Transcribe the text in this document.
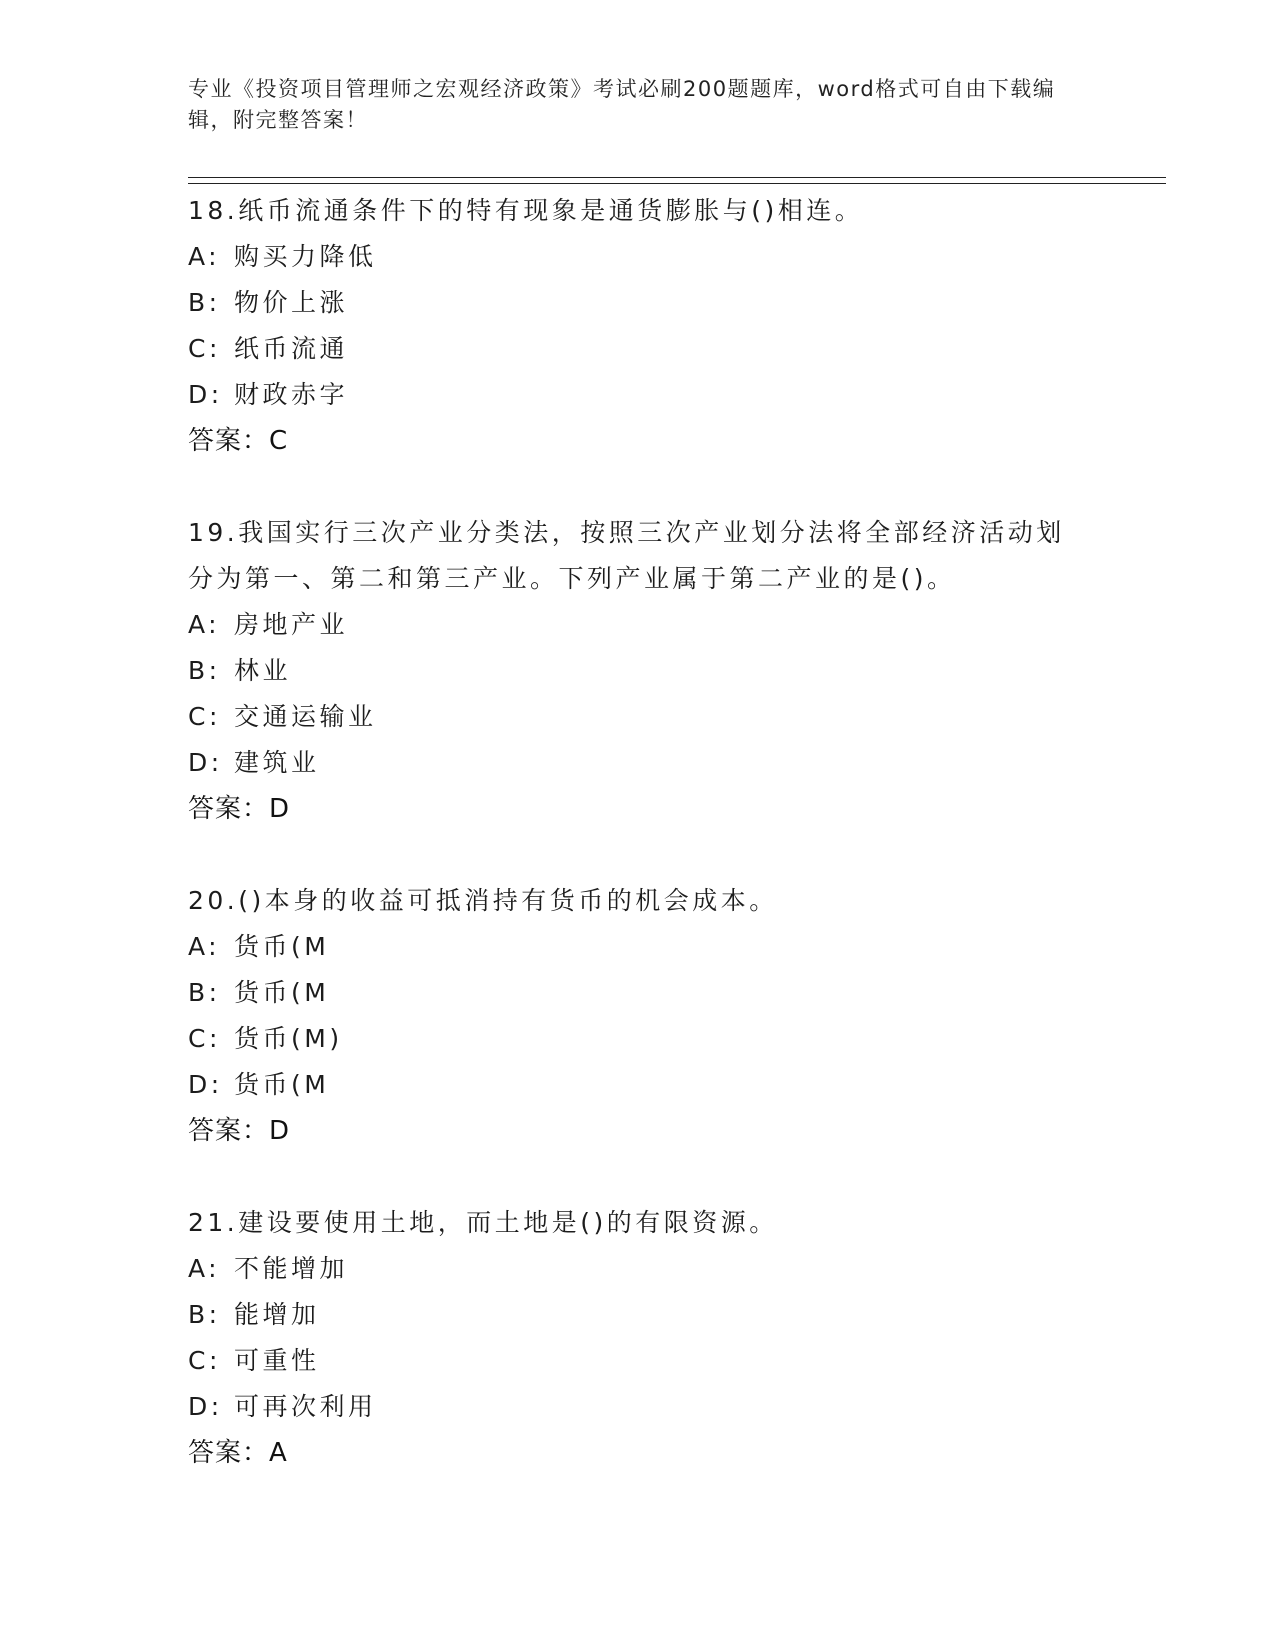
专业《投资项目管理师之宏观经济政策》考试必刷200题题库，word格式可自由下载编辑，附完整答案！
18.纸币流通条件下的特有现象是通货膨胀与()相连。
A: 购买力降低
B: 物价上涨
C: 纸币流通
D: 财政赤字
答案：C
19.我国实行三次产业分类法，按照三次产业划分法将全部经济活动划分为第一、第二和第三产业。下列产业属于第二产业的是()。
A: 房地产业
B: 林业
C: 交通运输业
D: 建筑业
答案：D
20.()本身的收益可抵消持有货币的机会成本。
A: 货币(M
B: 货币(M
C: 货币(M)
D: 货币(M
答案：D
21.建设要使用土地，而土地是()的有限资源。
A: 不能增加
B: 能增加
C: 可重性
D: 可再次利用
答案：A
